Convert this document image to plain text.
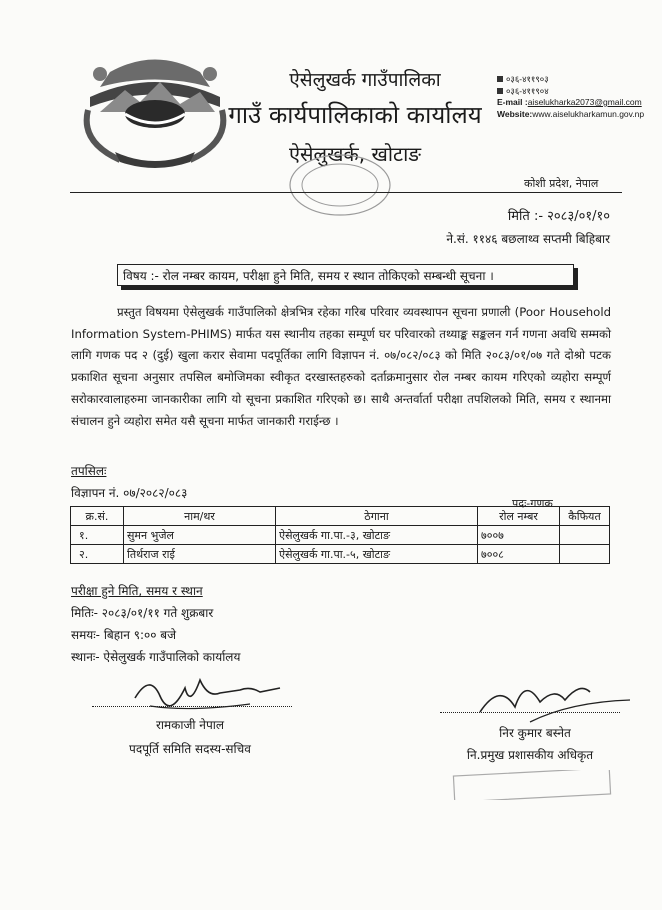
ऐसेलुखर्क गाउँपालिका
गाउँ कार्यपालिकाको कार्यालय
ऐसेलुखर्क, खोटाङ
०३६-४११९०३
०३६-४११९०४
E-mail :aiselukharka2073@gmail.com
Website:www.aiselukharkamun.gov.np
कोशी प्रदेश, नेपाल
मिति :- २०८३/०१/१०
ने.सं. ११४६ बछलाथ्व सप्तमी बिहिबार
विषय :- रोल नम्बर कायम, परीक्षा हुने मिति, समय र स्थान तोकिएको सम्बन्धी सूचना ।
प्रस्तुत विषयमा ऐसेलुखर्क गाउँपालिको क्षेत्रभित्र रहेका गरिब परिवार व्यवस्थापन सूचना प्रणाली (Poor Household Information System-PHIMS) मार्फत यस स्थानीय तहका सम्पूर्ण घर परिवारको तथ्याङ्क सङ्कलन गर्न गणना अवधि सम्मको लागि गणक पद २ (दुई) खुला करार सेवामा पदपूर्तिका लागि विज्ञापन नं. ०७/०८२/०८३ को मिति २०८३/०१/०७ गते दोश्रो पटक प्रकाशित सूचना अनुसार तपसिल बमोजिमका स्वीकृत दरखास्तहरुको दर्ताक्रमानुसार रोल नम्बर कायम गरिएको व्यहोरा सम्पूर्ण सरोकारवालाहरुमा जानकारीका लागि यो सूचना प्रकाशित गरिएको छ। साथै अन्तर्वार्ता परीक्षा तपशिलको मिति, समय र स्थानमा संचालन हुने व्यहोरा समेत यसै सूचना मार्फत जानकारी गराईन्छ ।
तपसिलः
विज्ञापन नं. ०७/२०८२/०८३
पदः-गणक
क्र.सं.	नाम/थर	ठेगाना	रोल नम्बर	कैफियत
१.	सुमन भुजेल	ऐसेलुखर्क गा.पा.-३, खोटाङ	७००७	
२.	तिर्थराज राई	ऐसेलुखर्क गा.पा.-५, खोटाङ	७००८	
परीक्षा हुने मिति, समय र स्थान
मितिः- २०८३/०१/११ गते शुक्रबार
समयः- बिहान ९:०० बजे
स्थानः- ऐसेलुखर्क गाउँपालिको कार्यालय
रामकाजी नेपाल
पदपूर्ति समिति सदस्य-सचिव
निर कुमार बस्नेत
नि.प्रमुख प्रशासकीय अधिकृत
